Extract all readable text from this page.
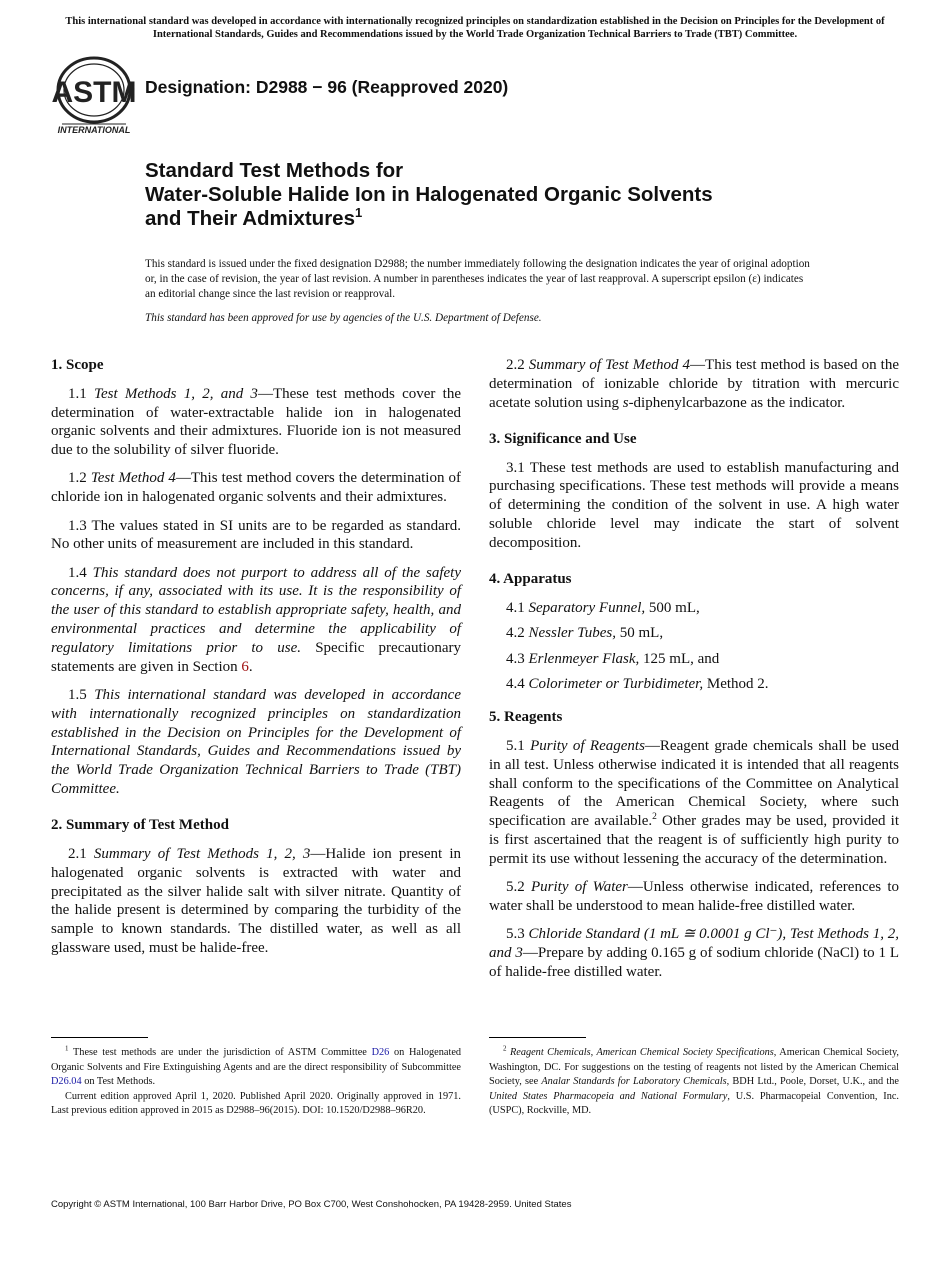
This international standard was developed in accordance with internationally recognized principles on standardization established in the Decision on Principles for the Development of International Standards, Guides and Recommendations issued by the World Trade Organization Technical Barriers to Trade (TBT) Committee.
ASTM
INTERNATIONAL
Designation: D2988 − 96 (Reapproved 2020)
Standard Test Methods for
Water-Soluble Halide Ion in Halogenated Organic Solvents
and Their Admixtures$^1$
This standard is issued under the fixed designation D2988; the number immediately following the designation indicates the year of original adoption or, in the case of revision, the year of last revision. A number in parentheses indicates the year of last reapproval. A superscript epsilon (ε) indicates an editorial change since the last revision or reapproval.
This standard has been approved for use by agencies of the U.S. Department of Defense.
1. Scope

1.1 Test Methods 1, 2, and 3—These test methods cover the determination of water-extractable halide ion in halogenated organic solvents and their admixtures. Fluoride ion is not measured due to the solubility of silver fluoride.

1.2 Test Method 4—This test method covers the determination of chloride ion in halogenated organic solvents and their admixtures.

1.3 The values stated in SI units are to be regarded as standard. No other units of measurement are included in this standard.

1.4 This standard does not purport to address all of the safety concerns, if any, associated with its use. It is the responsibility of the user of this standard to establish appropriate safety, health, and environmental practices and determine the applicability of regulatory limitations prior to use. Specific precautionary statements are given in Section 6.

1.5 This international standard was developed in accordance with internationally recognized principles on standardization established in the Decision on Principles for the Development of International Standards, Guides and Recommendations issued by the World Trade Organization Technical Barriers to Trade (TBT) Committee.

2. Summary of Test Method

2.1 Summary of Test Methods 1, 2, 3—Halide ion present in halogenated organic solvents is extracted with water and precipitated as the silver halide salt with silver nitrate. Quantity of the halide present is determined by comparing the turbidity of the sample to known standards. The distilled water, as well as all glassware used, must be halide-free.

2.2 Summary of Test Method 4—This test method is based on the determination of ionizable chloride by titration with mercuric acetate solution using s-diphenylcarbazone as the indicator.

3. Significance and Use

3.1 These test methods are used to establish manufacturing and purchasing specifications. These test methods will provide a means of determining the condition of the solvent in use. A high water soluble chloride level may indicate the start of solvent decomposition.

4. Apparatus

4.1 Separatory Funnel, 500 mL,

4.2 Nessler Tubes, 50 mL,

4.3 Erlenmeyer Flask, 125 mL, and

4.4 Colorimeter or Turbidimeter, Method 2.

5. Reagents

5.1 Purity of Reagents—Reagent grade chemicals shall be used in all test. Unless otherwise indicated it is intended that all reagents shall conform to the specifications of the Committee on Analytical Reagents of the American Chemical Society, where such specification are available.$^2$ Other grades may be used, provided it is first ascertained that the reagent is of sufficiently high purity to permit its use without lessening the accuracy of the determination.

5.2 Purity of Water—Unless otherwise indicated, references to water shall be understood to mean halide-free distilled water.

5.3 Chloride Standard (1 mL ≅ 0.0001 g Cl⁻), Test Methods 1, 2, and 3—Prepare by adding 0.165 g of sodium chloride (NaCl) to 1 L of halide-free distilled water.

$^1$ These test methods are under the jurisdiction of ASTM Committee D26 on Halogenated Organic Solvents and Fire Extinguishing Agents and are the direct responsibility of Subcommittee D26.04 on Test Methods.

Current edition approved April 1, 2020. Published April 2020. Originally approved in 1971. Last previous edition approved in 2015 as D2988–96(2015). DOI: 10.1520/D2988–96R20.

$^2$ Reagent Chemicals, American Chemical Society Specifications, American Chemical Society, Washington, DC. For suggestions on the testing of reagents not listed by the American Chemical Society, see Analar Standards for Laboratory Chemicals, BDH Ltd., Poole, Dorset, U.K., and the United States Pharmacopeia and National Formulary, U.S. Pharmacopeial Convention, Inc. (USPC), Rockville, MD.

Copyright © ASTM International, 100 Barr Harbor Drive, PO Box C700, West Conshohocken, PA 19428-2959. United States
